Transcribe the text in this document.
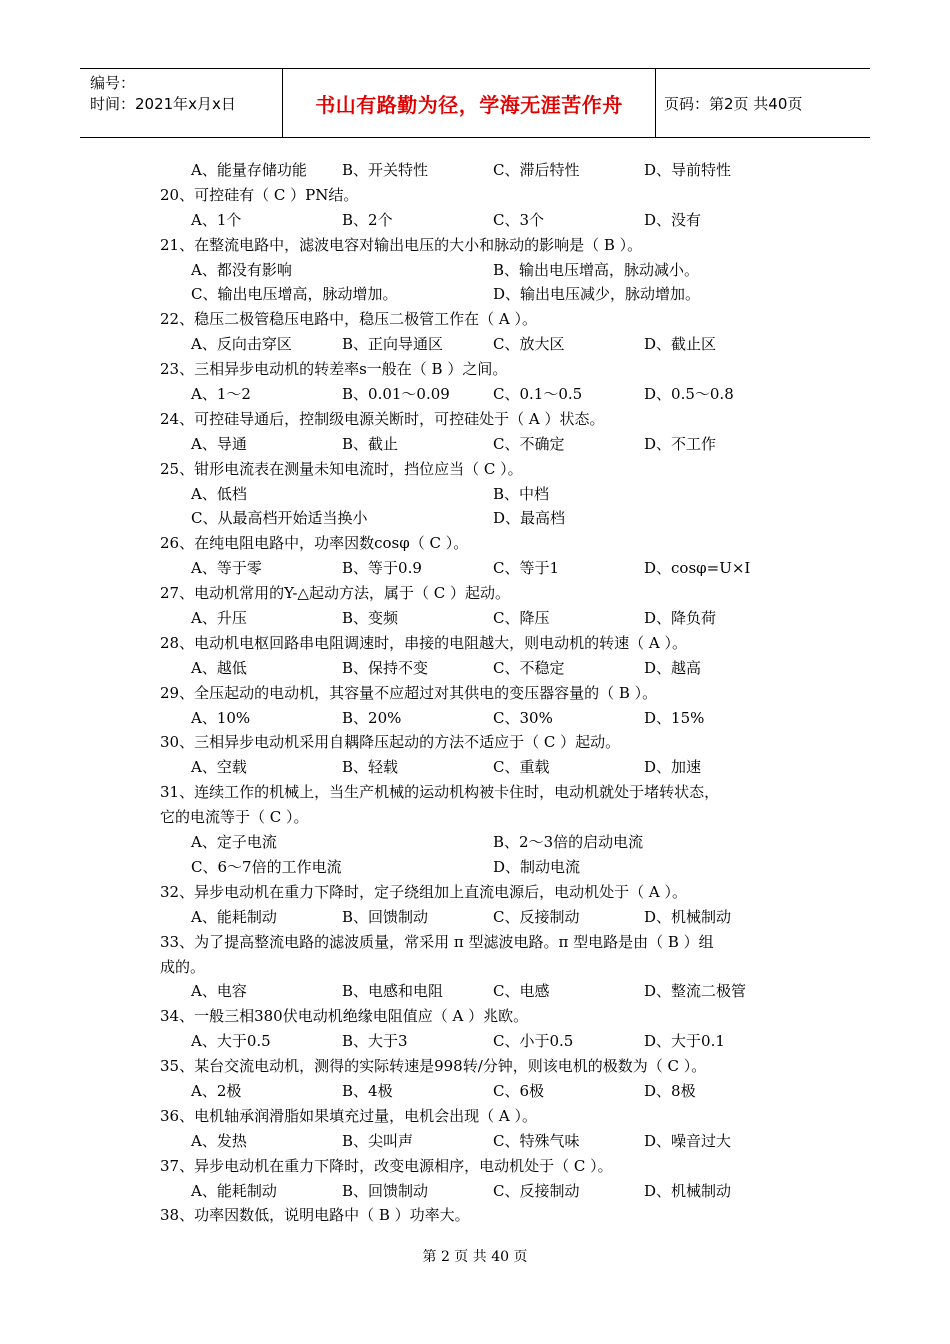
编号：
时间：2021年x月x日	书山有路勤为径，学海无涯苦作舟	页码：第2页 共40页
A、能量存储功能 B、开关特性	C、滞后特性	D、导前特性
20、可控硅有（ C ）PN结。
A、1个	B、2个	C、3个	D、没有
21、在整流电路中，滤波电容对输出电压的大小和脉动的影响是（ B ）。
A、都没有影响	B、输出电压增高，脉动减小。
C、输出电压增高，脉动增加。	D、输出电压减少，脉动增加。
22、稳压二极管稳压电路中，稳压二极管工作在（ A ）。
A、反向击穿区	B、正向导通区	C、放大区	D、截止区
23、三相异步电动机的转差率s一般在（ B ）之间。
A、1～2	B、0.01～0.09	C、0.1～0.5	D、0.5～0.8
24、可控硅导通后，控制级电源关断时，可控硅处于（ A ）状态。
A、导通	B、截止	C、不确定	D、不工作
25、钳形电流表在测量未知电流时，挡位应当（ C ）。
A、低档	B、中档
C、从最高档开始适当换小	D、最高档
26、在纯电阻电路中，功率因数cosφ（ C ）。
A、等于零	B、等于0.9	C、等于1	D、cosφ=U×I
27、电动机常用的Y-△起动方法，属于（ C ）起动。
A、升压	B、变频	C、降压	D、降负荷
28、电动机电枢回路串电阻调速时，串接的电阻越大，则电动机的转速（ A ）。
A、越低	B、保持不变	C、不稳定	D、越高
29、全压起动的电动机，其容量不应超过对其供电的变压器容量的（ B ）。
A、10%	B、20%	C、30%	D、15%
30、三相异步电动机采用自耦降压起动的方法不适应于（ C ）起动。
A、空载	B、轻载	C、重载	D、加速
31、连续工作的机械上，当生产机械的运动机构被卡住时，电动机就处于堵转状态，
它的电流等于（ C ）。
A、定子电流	B、2～3倍的启动电流
C、6～7倍的工作电流	D、制动电流
32、异步电动机在重力下降时，定子绕组加上直流电源后，电动机处于（ A ）。
A、能耗制动	B、回馈制动	C、反接制动	D、机械制动
33、为了提高整流电路的滤波质量，常采用 π 型滤波电路。π 型电路是由（ B ）组
成的。
A、电容	B、电感和电阻	C、电感	D、整流二极管
34、一般三相380伏电动机绝缘电阻值应（ A ）兆欧。
A、大于0.5	B、大于3	C、小于0.5	D、大于0.1
35、某台交流电动机，测得的实际转速是998转/分钟，则该电机的极数为（ C ）。
A、2极	B、4极	C、6极	D、8极
36、电机轴承润滑脂如果填充过量，电机会出现（ A ）。
A、发热	B、尖叫声	C、特殊气味	D、噪音过大
37、异步电动机在重力下降时，改变电源相序，电动机处于（ C ）。
A、能耗制动	B、回馈制动	C、反接制动	D、机械制动
38、功率因数低，说明电路中（ B ）功率大。
第 2 页 共 40 页
